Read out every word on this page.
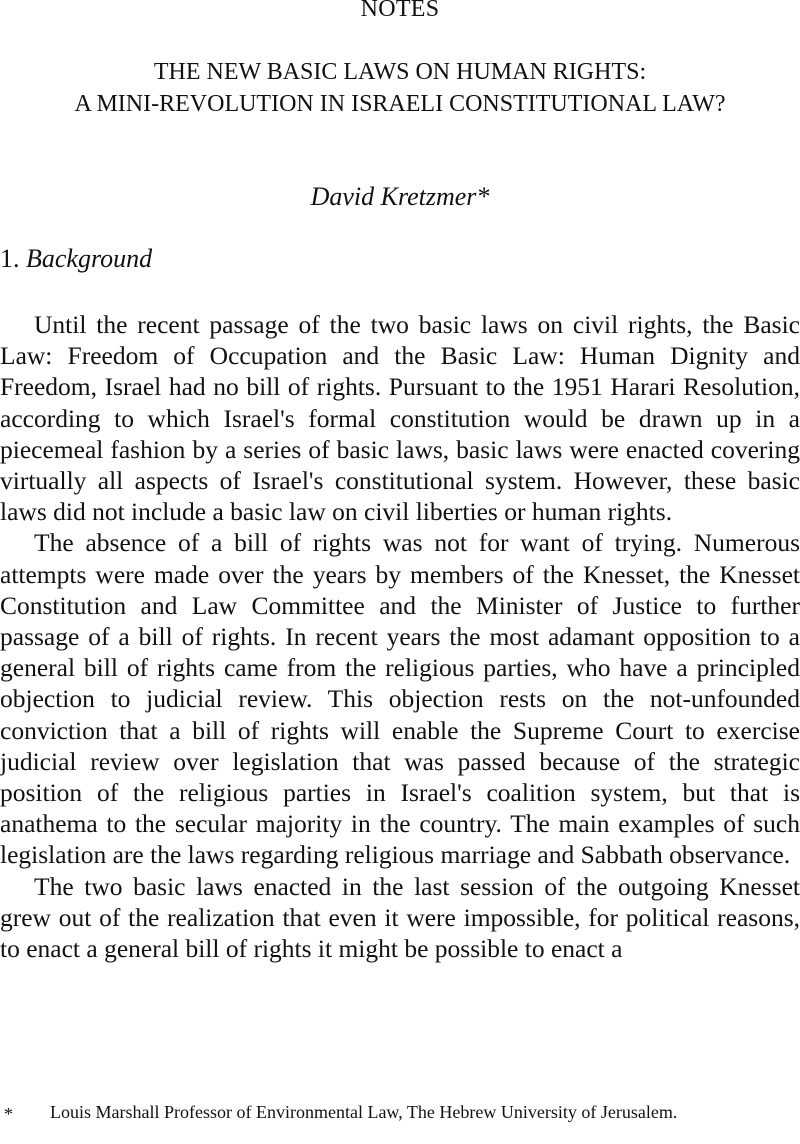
NOTES
THE NEW BASIC LAWS ON HUMAN RIGHTS:
A MINI-REVOLUTION IN ISRAELI CONSTITUTIONAL LAW?
David Kretzmer*
1. Background

Until the recent passage of the two basic laws on civil rights, the Basic Law: Freedom of Occupation and the Basic Law: Human Dignity and Freedom, Israel had no bill of rights. Pursuant to the 1951 Harari Resolution, according to which Israel's formal constitution would be drawn up in a piecemeal fashion by a series of basic laws, basic laws were enacted covering virtually all aspects of Israel's constitutional system. However, these basic laws did not include a basic law on civil liberties or human rights.

The absence of a bill of rights was not for want of trying. Numerous attempts were made over the years by members of the Knesset, the Knesset Constitution and Law Committee and the Minister of Justice to further passage of a bill of rights. In recent years the most adamant opposition to a general bill of rights came from the religious parties, who have a principled objection to judicial review. This objection rests on the not-unfounded conviction that a bill of rights will enable the Supreme Court to exercise judicial review over legislation that was passed because of the strategic position of the religious parties in Israel's coalition system, but that is anathema to the secular majority in the country. The main examples of such legislation are the laws regarding religious marriage and Sabbath observance.

The two basic laws enacted in the last session of the outgoing Knesset grew out of the realization that even it were impossible, for political reasons, to enact a general bill of rights it might be possible to enact a

* Louis Marshall Professor of Environmental Law, The Hebrew University of Jerusalem.
